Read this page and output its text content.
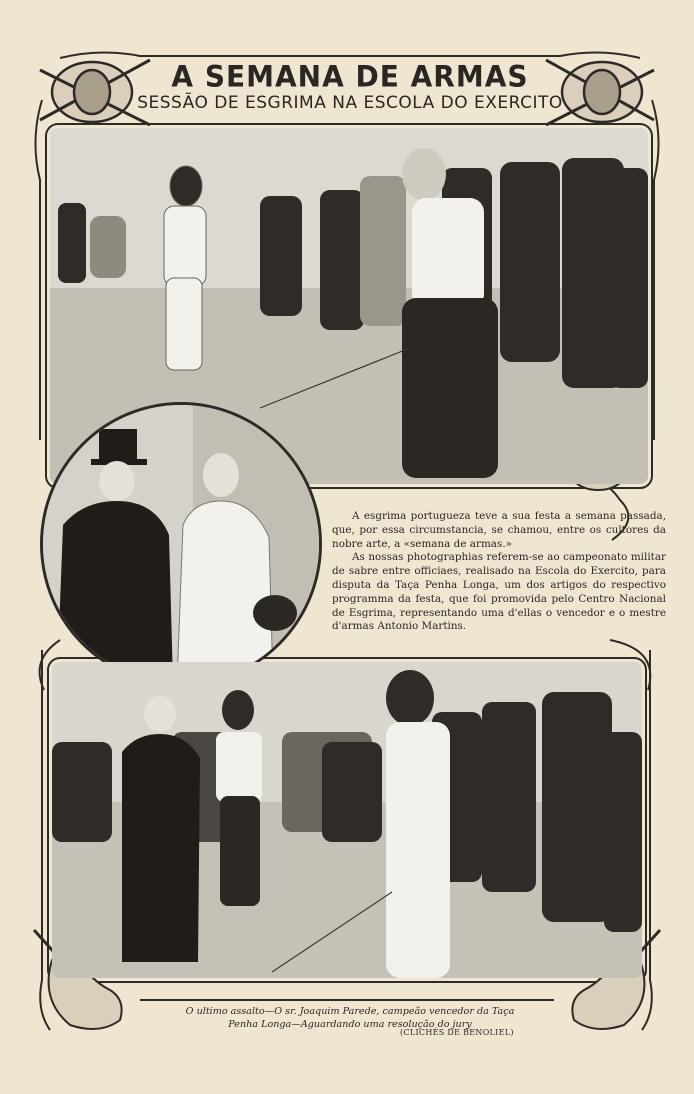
A SEMANA DE ARMAS
SESSÃO DE ESGRIMA NA ESCOLA DO EXERCITO

A esgrima portugueza teve a sua festa a semana passada, que, por essa circumstancia, se chamou, entre os cultores da nobre arte, a «semana de armas.»

As nossas photographias referem-se ao campeonato militar de sabre entre officiaes, realisado na Escola do Exercito, para disputa da Taça Penha Longa, um dos artigos do respectivo programma da festa, que foi promovida pelo Centro Nacional de Esgrima, representando uma d'ellas o vencedor e o mestre d'armas Antonio Martins.

O ultimo assalto—O sr. Joaquim Parede, campeão vencedor da Taça
Penha Longa—Aguardando uma resolução do jury
(CLICHÉS DE BENOLIEL)
